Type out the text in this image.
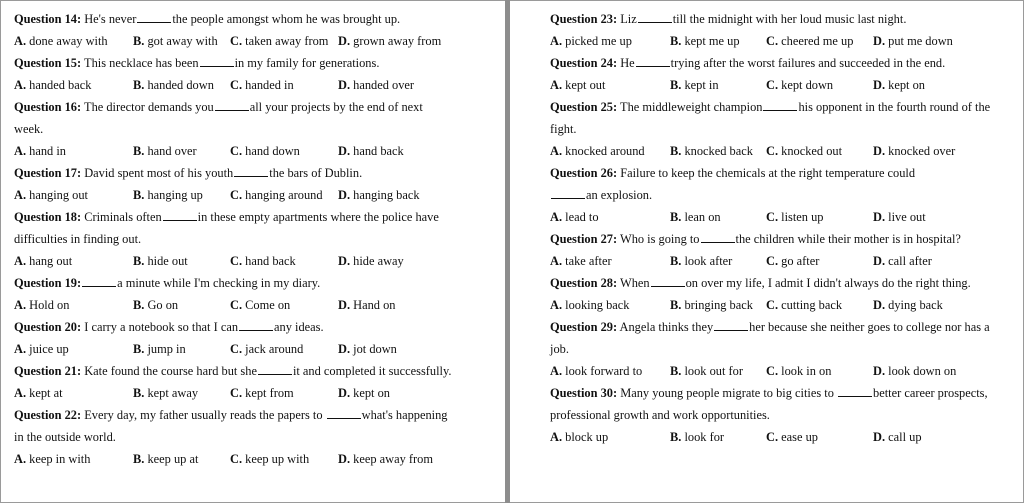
Question 14: He's never	the people amongst whom he was brought up.

A. done away with B. got away with C. taken away from D. grown away from

Question 15: This necklace has been	in my family for generations.

A. handed back	B. handed down C. handed in	D. handed over

Question 16: The director demands you	all your projects by the end of next week.

A. hand in	B. hand over	C. hand down	D. hand back

Question 17: David spent most of his youth	the bars of Dublin.

A. hanging out	B. hanging up C. hanging around D. hanging back

Question 18: Criminals often	in these empty apartments where the police have difficulties in finding out.

A. hang out	B. hide out	C. hand back	D. hide away

Question 19:	a minute while I'm checking in my diary.

A. Hold on	B. Go on	C. Come on	D. Hand on

Question 20: I carry a notebook so that I can	any ideas.

A. juice up	B. jump in	C. jack around	D. jot down

Question 21: Kate found the course hard but she	it and completed it successfully.

A. kept at	B. kept away	C. kept from	D. kept on

Question 22: Every day, my father usually reads the papers to	what's happening in the outside world.

A. keep in with	B. keep up at	C. keep up with D. keep away from

Question 23: Liz	till the midnight with her loud music last night.

A. picked me up	B. kept me up C. cheered me up D. put me down

Question 24: He	trying after the worst failures and succeeded in the end.

A. kept out	B. kept in	C. kept down	D. kept on

Question 25: The middleweight champion	his opponent in the fourth round of the fight.

A. knocked around B. knocked back C. knocked out D. knocked over

Question 26: Failure to keep the chemicals at the right temperature couldan explosion.

A. lead to	B. lean on	C. listen up	D. live out

Question 27: Who is going to	the children while their mother is in hospital?

A. take after	B. look after	C. go after	D. call after

Question 28: When	on over my life, I admit I didn't always do the right thing.

A. looking back	B. bringing back C. cutting back D. dying back

Question 29: Angela thinks they	her because she neither goes to college nor has a job.

A. look forward to B. look out for C. look in on	D. look down on

Question 30: Many young people migrate to big cities to	better career prospects, professional growth and work opportunities.

A. block up	B. look for	C. ease up	D. call up
